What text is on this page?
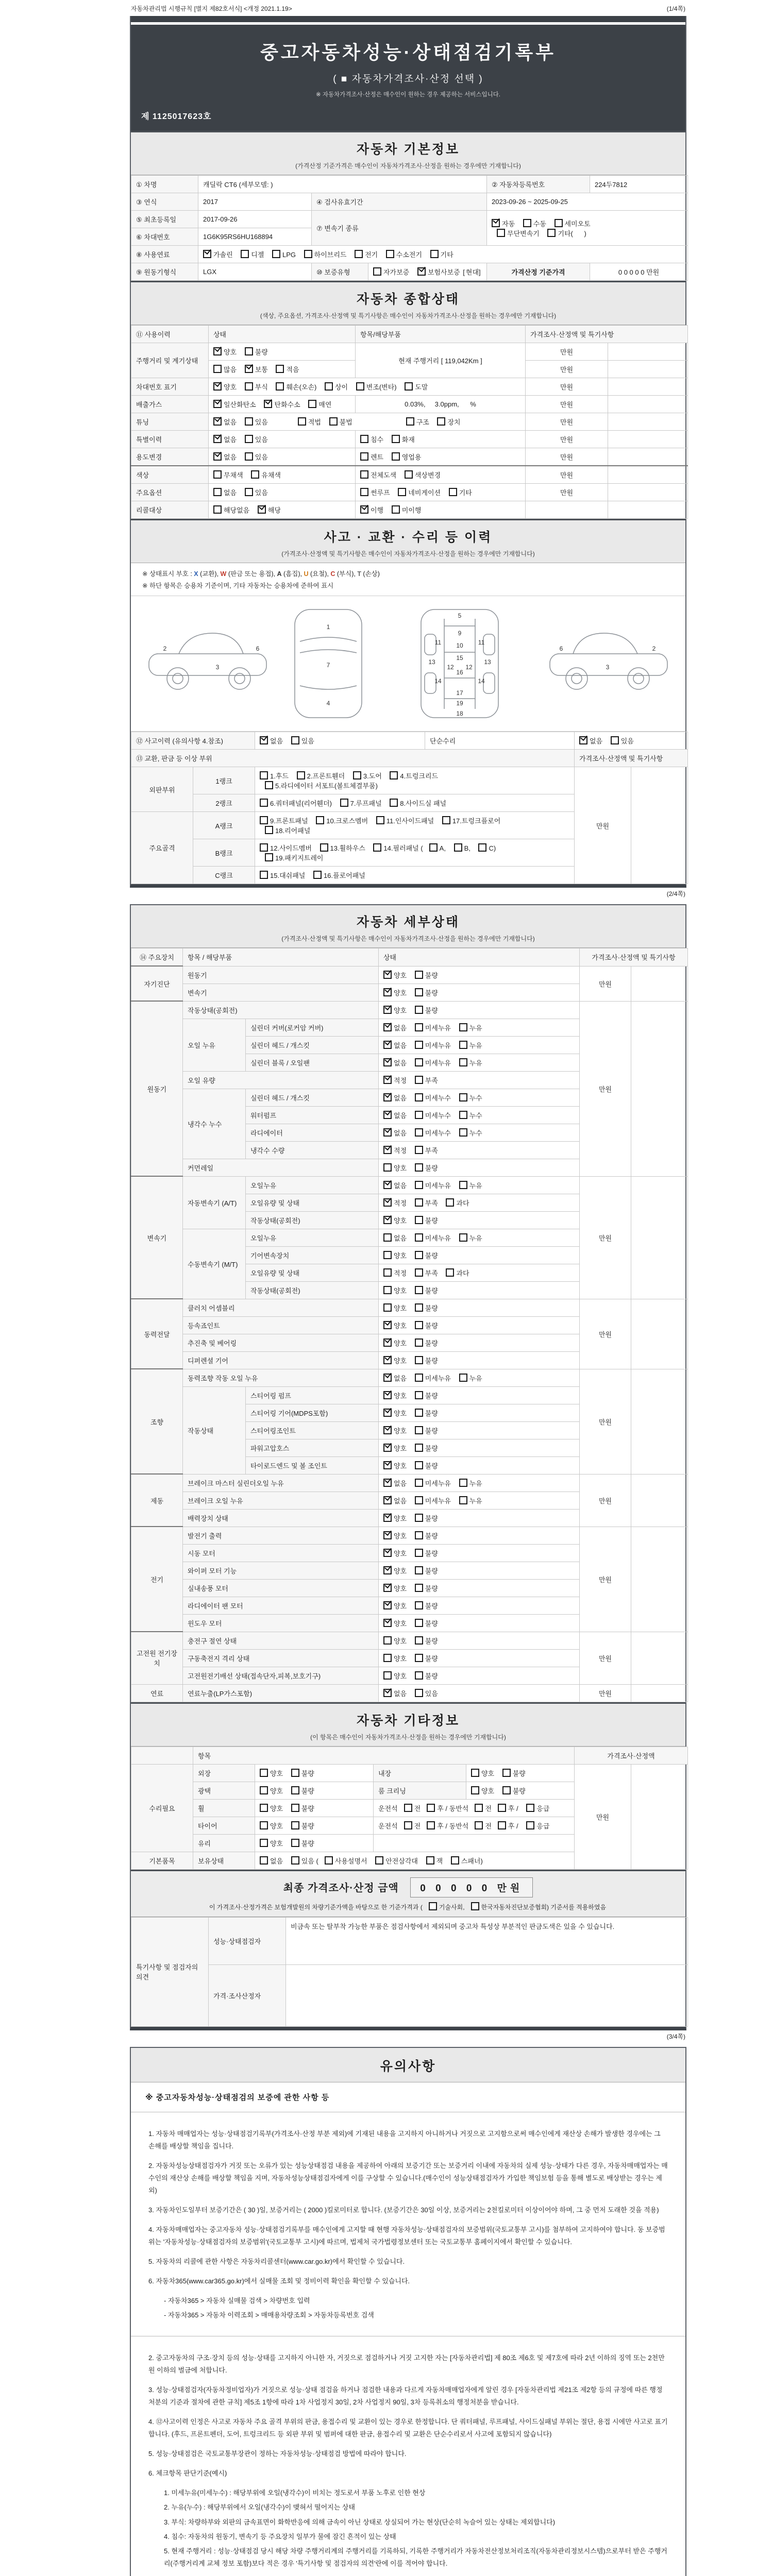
자동차관리법 시행규칙 [별지 제82호서식] <개정 2021.1.19>	(1/4쪽)
중고자동차성능·상태점검기록부
( ■ 자동차가격조사·산정 선택 )
※ 자동차가격조사·산정은 매수인이 원하는 경우 제공하는 서비스입니다.
제 1125017623호
자동차 기본정보
(가격산정 기준가격은 매수인이 자동차가격조사·산정을 원하는 경우에만 기재합니다)
① 차명	캐딜락 CT6 (세부모델: )			② 자동차등록번호	224두7812
③ 연식	2017	④ 검사유효기간		2023-09-26 ~ 2025-09-25	
⑤ 최초등록일	2017-09-26	⑦ 변속기 종류		자동 수동 세미오토
무단변속기 기타(      )	
⑥ 차대번호	1G6K95RS6HU168894				
⑧ 사용연료	가솔린 디젤 LPG 하이브리드 전기 수소전기 기타				
⑨ 원동기형식	LGX	⑩ 보증유형	자가보증 보험사보증 [ 현대]	가격산정 기준가격	0 0 0 0 0 만원
자동차 종합상태
(색상, 주요옵션, 가격조사·산정액 및 특기사항은 매수인이 자동차가격조사·산정을 원하는 경우에만 기재합니다)
⑪ 사용이력	상태	항목/해당부품	가격조사·산정액 및 특기사항	
주행거리 및 계기상태	양호 불량	현재 주행거리 [ 119,042Km ]	만원	
	많음 보통 적음		만원	
차대번호 표기	양호 부식 훼손(오손) 상이 변조(변타) 도말		만원	
배출가스	일산화탄소 탄화수소 매연	0.03%,     3.0ppm,      %	만원	
튜닝	없음 있음 적법 불법 구조 장치		만원	
특별이력	없음 있음	침수 화재	만원	
용도변경	없음 있음	렌트 영업용	만원	
색상	무채색 유채색	전체도색 색상변경	만원	
주요옵션	없음 있음	썬루프 네비게이션 기타	만원	
리콜대상	해당없음 해당	이행 미이행		
사고 · 교환 · 수리 등 이력
(가격조사·산정액 및 특기사항은 매수인이 자동차가격조사·산정을 원하는 경우에만 기재합니다)
※ 상태표시 부호 : X (교환), W (판금 또는 용접), A (흠집), U (요철), C (부식), T (손상)
※ 하단 항목은 승용차 기준이며, 기타 자동차는 승용차에 준하여 표시
2
3
6
1
7
4
5
9
10
11	11
15
12 12
13	13
16
14	14
17
19
18
2
3
6
⑫ 사고이력 (유의사항 4.참조)		없음 있음	단순수리	없음 있음	
⑬ 교환, 판금 등 이상 부위				가격조사·산정액 및 특기사항	
외판부위	1랭크	1.후드 2.프론트휀더 3.도어 4.트렁크리드
5.라디에이터 서포트(볼트체결부품)		만원	
	2랭크	6.쿼터패널(리어휀더) 7.루프패널 8.사이드실 패널			
주요골격	A랭크	9.프론트패널 10.크로스멤버 11.인사이드패널 17.트렁크플로어
18.리어패널			
	B랭크	12.사이드멤버 13.휠하우스 14.필러패널 ( A, B, C)
19.패키지트레이			
	C랭크	15.대쉬패널 16.플로어패널			
(2/4쪽)
자동차 세부상태
(가격조사·산정액 및 특기사항은 매수인이 자동차가격조사·산정을 원하는 경우에만 기재합니다)
⑭ 주요장치	항목 / 해당부품		상태	가격조사·산정액 및 특기사항	
자기진단	원동기		양호 불량	만원	
	변속기		양호 불량		
원동기	작동상태(공회전)		양호 불량	만원	
	오일 누유	실린더 커버(로커암 커버)	없음 미세누유 누유		
		실린더 헤드 / 개스킷	없음 미세누유 누유		
		실린더 블록 / 오일팬	없음 미세누유 누유		
	오일 유량		적정 부족		
	냉각수 누수	실린더 헤드 / 개스킷	없음 미세누수 누수		
		워터펌프	없음 미세누수 누수		
		라디에이터	없음 미세누수 누수		
		냉각수 수량	적정 부족		
	커먼레일		양호 불량		
변속기	자동변속기 (A/T)	오일누유	없음 미세누유 누유	만원	
		오일유량 및 상태	적정 부족 과다		
		작동상태(공회전)	양호 불량		
	수동변속기 (M/T)	오일누유	없음 미세누유 누유		
		기어변속장치	양호 불량		
		오일유량 및 상태	적정 부족 과다		
		작동상태(공회전)	양호 불량		
동력전달	클러치 어셈블리		양호 불량	만원	
	등속죠인트		양호 불량		
	추진축 및 베어링		양호 불량		
	디퍼렌셜 기어		양호 불량		
조향	동력조향 작동 오일 누유		없음 미세누유 누유	만원	
	작동상태	스티어링 펌프	양호 불량		
		스티어링 기어(MDPS포함)	양호 불량		
		스티어링조인트	양호 불량		
		파워고압호스	양호 불량		
		타이로드엔드 및 볼 조인트	양호 불량		
제동	브레이크 마스터 실린더오일 누유		없음 미세누유 누유	만원	
	브레이크 오일 누유		없음 미세누유 누유		
	배력장치 상태		양호 불량		
전기	발전기 출력		양호 불량	만원	
	시동 모터		양호 불량		
	와이퍼 모터 기능		양호 불량		
	실내송풍 모터		양호 불량		
	라디에이터 팬 모터		양호 불량		
	윈도우 모터		양호 불량		
고전원 전기장치	충전구 절연 상태		양호 불량	만원	
	구동축전지 격리 상태		양호 불량		
	고전원전기배선 상태(접속단자,피복,보호기구)		양호 불량		
연료	연료누출(LP가스포함)		없음 있음	만원	
자동차 기타정보
(이 항목은 매수인이 자동차가격조사·산정을 원하는 경우에만 기재합니다)
	항목				가격조사·산정액	
수리필요	외장	양호 불량	내장	양호 불량	만원	
	광택	양호 불량	룸 크리닝	양호 불량		
	휠	양호 불량	운전석 전 후 / 동반석 전 후 / 응급			
	타이어	양호 불량	운전석 전 후 / 동반석 전 후 / 응급			
	유리	양호 불량				
기본품목	보유상태	없음 있음 ( 사용설명서 안전삼각대 잭 스패너)				
최종 가격조사·산정 금액 0 0 0 0 0 만원
이 가격조사·산정가격은 보험개발원의 차량기준가액을 바탕으로 한 기준가격과 (	기술사회,	한국자동차진단보증협회) 기준서를 적용하였음
특기사항 및 점검자의 의견	성능·상태점검자	비금속 또는 탈부착 가능한 부품은 점검사항에서 제외되며 중고차 특성상 부분적인 판금도색은 있을 수 있습니다.
	가격·조사산정자	
(3/4쪽)
유의사항
※ 중고자동차성능·상태점검의 보증에 관한 사항 등
1. 자동차 매매업자는 성능·상태점검기록부(가격조사·산정 부분 제외)에 기재된 내용을 고지하지 아니하거나 거짓으로 고지함으로써 매수인에게 재산상 손해가 발생한 경우에는 그 손해를 배상할 책임을 집니다.
2. 자동차성능상태점검자가 거짓 또는 오류가 있는 성능상태점검 내용을 제공하여 아래의 보증기간 또는 보증거리 이내에 자동차의 실제 성능·상태가 다른 경우, 자동차매매업자는 매수인의 재산상 손해를 배상할 책임을 지며, 자동차성능상태점검자에게 이를 구상할 수 있습니다.(매수인이 성능상태점검자가 가입한 책임보험 등을 통해 별도로 배상받는 경우는 제외)
3. 자동차인도일부터 보증기간은 ( 30 )일, 보증거리는 ( 2000 )킬로미터로 합니다. (보증기간은 30일 이상, 보증거리는 2천킬로미터 이상이어야 하며, 그 중 먼저 도래한 것을 적용)
4. 자동차매매업자는 중고자동차 성능·상태점검기록부를 매수인에게 고지할 때 현행 자동차성능·상태점검자의 보증범위(국토교통부 고시)를 첨부하여 고지하여야 합니다. 동 보증범위는 '자동차성능·상태점검자의 보증범위'(국토교통부 고시)에 따르며, 법제처 국가법령정보센터 또는 국토교통부 홈페이지에서 확인할 수 있습니다.
5. 자동차의 리콜에 관한 사항은 자동차리콜센터(www.car.go.kr)에서 확인할 수 있습니다.
6. 자동차365(www.car365.go.kr)에서 실매물 조회 및 정비이력 확인을 확인할 수 있습니다.
- 자동차365 > 자동차 실매물 검색 > 차량번호 입력
- 자동차365 > 자동차 이력조회 > 매매용차량조회 > 자동차등록번호 검색
2. 중고자동차의 구조·장치 등의 성능·상태를 고지하지 아니한 자, 거짓으로 점검하거나 거짓 고지한 자는 [자동차관리법] 제 80조 제6호 및 제7호에 따라 2년 이하의 징역 또는 2천만원 이하의 벌금에 처합니다.
3. 성능·상태점검자(자동차정비업자)가 거짓으로 성능·상태 점검을 하거나 점검한 내용과 다르게 자동차매매업자에게 알린 경우 [자동차관리법 제21조 제2항 등의 규정에 따른 행정처분의 기준과 절차에 관한 규칙] 제5조 1항에 따라 1차 사업정지 30일, 2차 사업정지 90일, 3차 등록취소의 행정처분을 받습니다.
4. ⑫사고이력 인정은 사고로 자동차 주요 골격 부위의 판금, 용접수리 및 교환이 있는 경우로 한정합니다. 단 쿼터패널, 루프패널, 사이드실패널 부위는 절단, 용접 시에만 사고로 표기합니다. (후드, 프론트펜더, 도어, 트렁크리드 등 외판 부위 및 범퍼에 대한 판금, 용접수리 및 교환은 단순수리로서 사고에 포함되지 않습니다)
5. 성능·상태점검은 국토교통부장관이 정하는 자동차성능·상태점검 방법에 따라야 합니다.
6. 체크항목 판단기준(예시)
1. 미세누유(미세누수) : 해당부위에 오일(냉각수)이 비치는 정도로서 부품 노후로 인한 현상
2. 누유(누수) : 해당부위에서 오일(냉각수)이 맺혀서 떨어지는 상태
3. 부식: 차량하부와 외판의 금속표면이 화학반응에 의해 금속이 아닌 상태로 상실되어 가는 현상(단순히 녹슬어 있는 상태는 제외합니다)
4. 침수: 자동차의 원동기, 변속기 등 주요장치 일부가 물에 잠긴 흔적이 있는 상태
5. 현재 주행거리 : 성능·상태점검 당시 해당 차량 주행거리계의 주행거리를 기록하되, 기록한 주행거리가 자동차전산정보처리조직(자동차관리정보시스템)으로부터 받은 주행거리(주행거리계 교체 정보 포함)보다 적은 경우 '특기사항 및 점검자의 의견'란에 이를 적어야 합니다.
